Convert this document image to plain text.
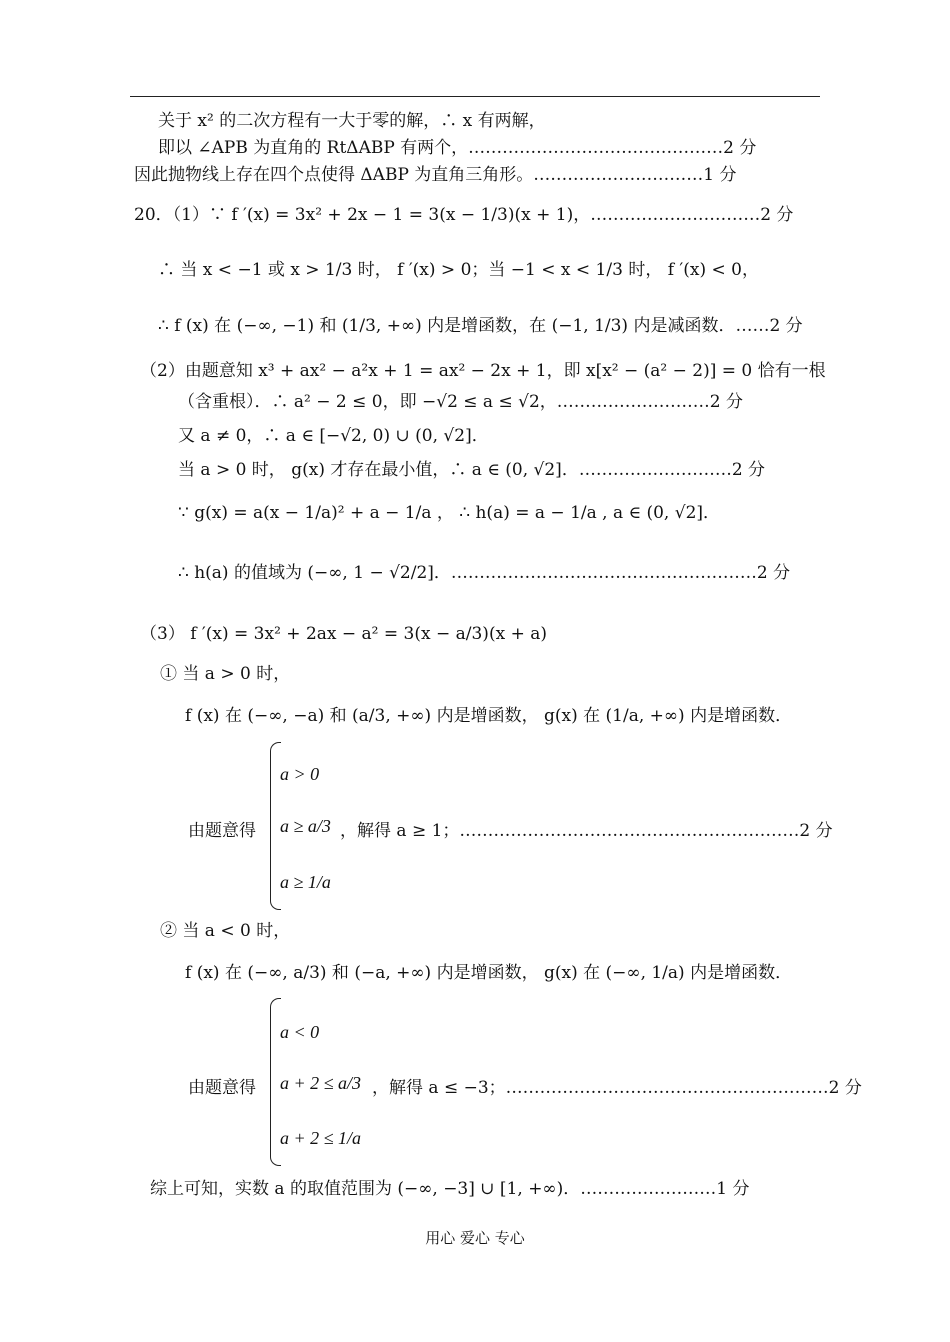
关于 x² 的二次方程有一大于零的解，∴ x 有两解，
即以 ∠APB 为直角的 RtΔABP 有两个，………………………………………2 分
因此抛物线上存在四个点使得 ΔABP 为直角三角形。…………………………1 分
20．（1）∵ f ′(x) = 3x² + 2x − 1 = 3(x − 1/3)(x + 1)，…………………………2 分
∴ 当 x < −1 或 x > 1/3 时， f ′(x) > 0；当 −1 < x < 1/3 时， f ′(x) < 0，
∴ f (x) 在 (−∞, −1) 和 (1/3, +∞) 内是增函数，在 (−1, 1/3) 内是减函数．……2 分
（2）由题意知 x³ + ax² − a²x + 1 = ax² − 2x + 1，即 x[x² − (a² − 2)] = 0 恰有一根
（含重根）．∴ a² − 2 ≤ 0，即 −√2 ≤ a ≤ √2，………………………2 分
又 a ≠ 0，∴ a ∈ [−√2, 0) ∪ (0, √2]．
当 a > 0 时， g(x) 才存在最小值，∴ a ∈ (0, √2]．………………………2 分
∵ g(x) = a(x − 1/a)² + a − 1/a ， ∴ h(a) = a − 1/a , a ∈ (0, √2]．
∴ h(a) 的值域为 (−∞, 1 − √2/2]．………………………………………………2 分
（3） f ′(x) = 3x² + 2ax − a² = 3(x − a/3)(x + a)
① 当 a > 0 时，
f (x) 在 (−∞, −a) 和 (a/3, +∞) 内是增函数， g(x) 在 (1/a, +∞) 内是增函数．
② 当 a < 0 时，
f (x) 在 (−∞, a/3) 和 (−a, +∞) 内是增函数， g(x) 在 (−∞, 1/a) 内是增函数．
综上可知，实数 a 的取值范围为 (−∞, −3] ∪ [1, +∞)．……………………1 分
由题意得
a > 0
a ≥ a/3
a ≥ 1/a
，解得 a ≥ 1；……………………………………………………2 分
由题意得
a < 0
a + 2 ≤ a/3
a + 2 ≤ 1/a
，解得 a ≤ −3；…………………………………………………2 分
用心 爱心 专心
